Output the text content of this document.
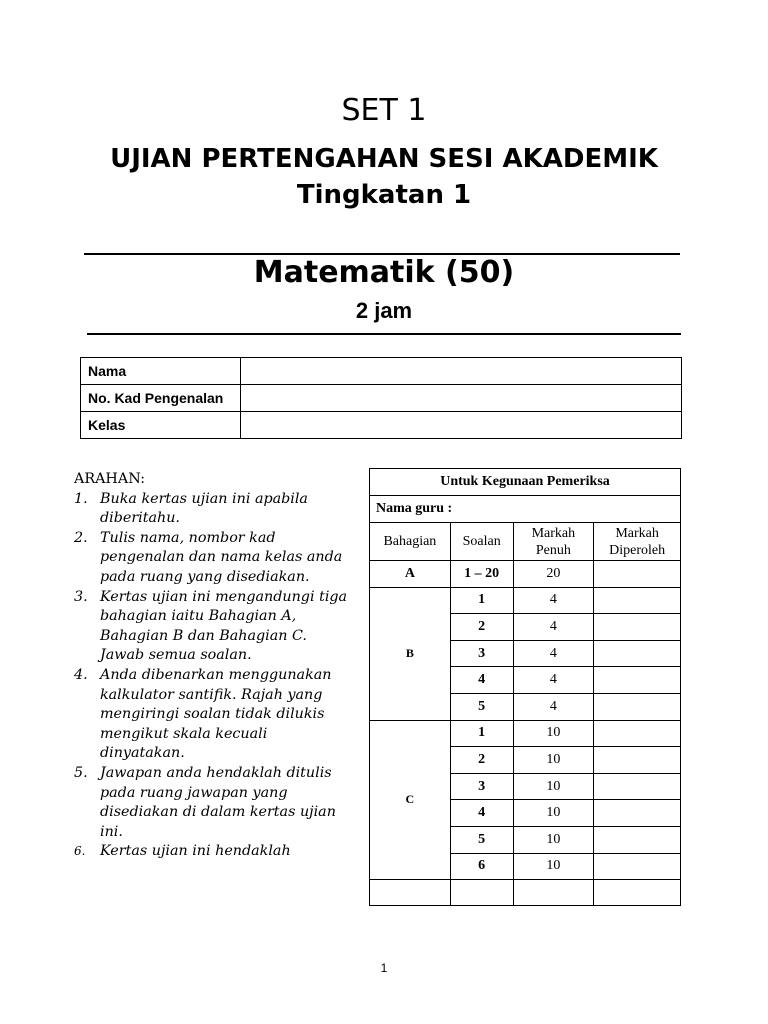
SET 1
UJIAN PERTENGAHAN SESI AKADEMIK
Tingkatan 1
Matematik (50)
2 jam
Nama	
No. Kad Pengenalan	
Kelas	
ARAHAN:
1. Buka kertas ujian ini apabila diberitahu.
2. Tulis nama, nombor kad pengenalan dan nama kelas anda pada ruang yang disediakan.
3. Kertas ujian ini mengandungi tiga bahagian iaitu Bahagian A, Bahagian B dan Bahagian C. Jawab semua soalan.
4. Anda dibenarkan menggunakan kalkulator santifik. Rajah yang mengiringi soalan tidak dilukis mengikut skala kecuali dinyatakan.
5. Jawapan anda hendaklah ditulis pada ruang jawapan yang disediakan di dalam kertas ujian ini.
6.	Kertas ujian ini hendaklah
Untuk Kegunaan Pemeriksa			
Nama guru :			
Bahagian	Soalan	Markah Penuh	Markah Diperoleh
A	1 – 20	20	
B	1	4	
	2	4	
	3	4	
	4	4	
	5	4	
C	1	10	
	2	10	
	3	10	
	4	10	
	5	10	
	6	10	

1
